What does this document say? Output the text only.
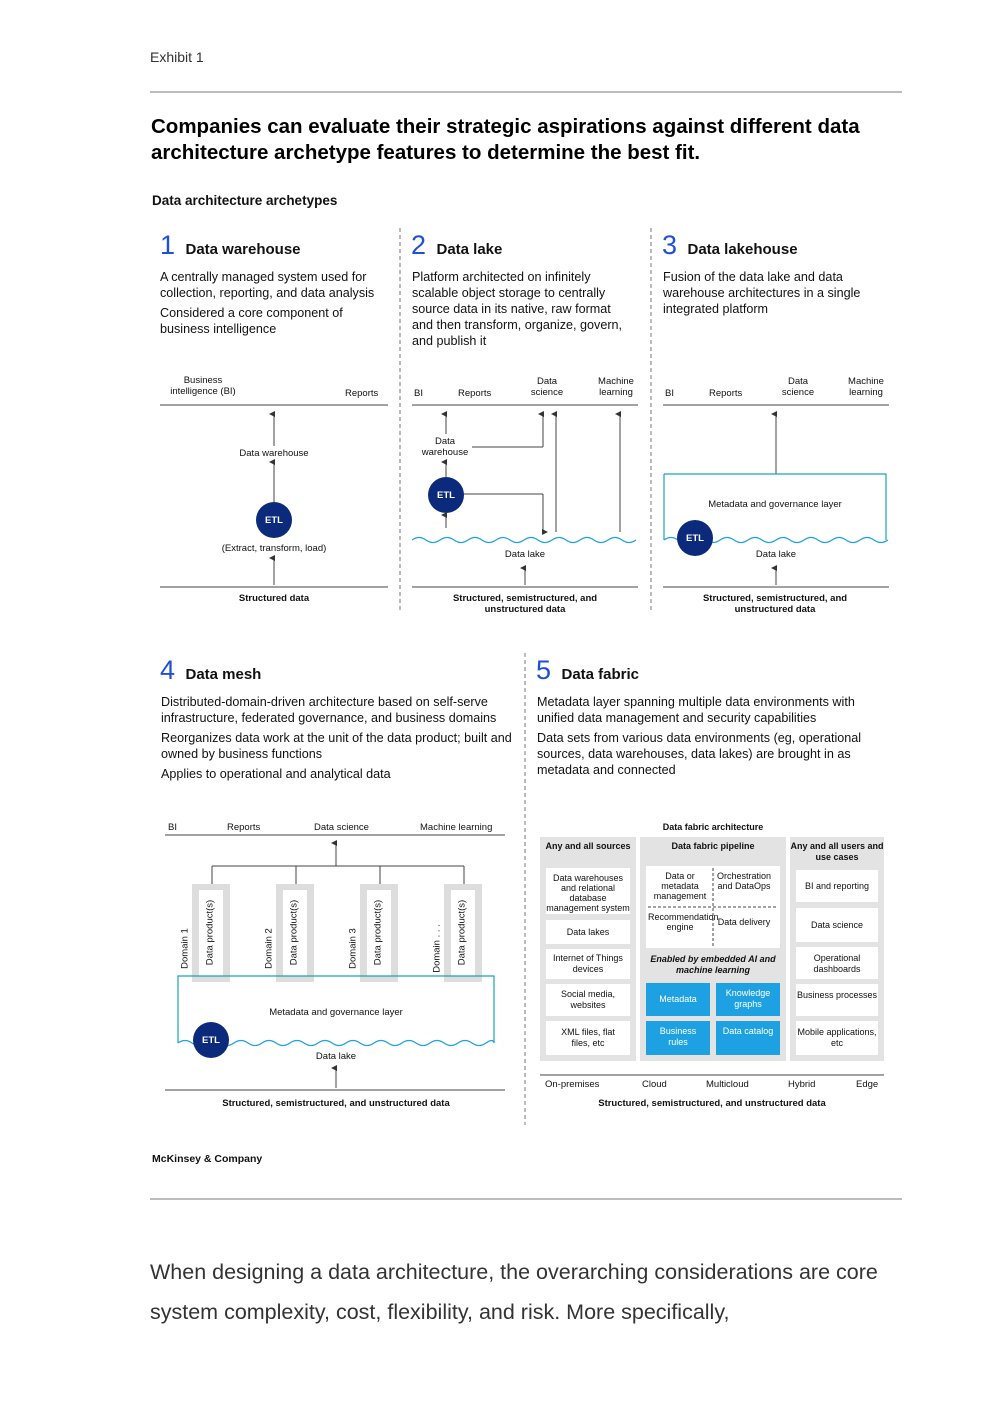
Exhibit 1
Companies can evaluate their strategic aspirations against different data architecture archetype features to determine the best fit.
Data architecture archetypes
1 Data warehouse

A centrally managed system used for collection, reporting, and data analysis

Considered a core component of business intelligence

2 Data lake

Platform architected on infinitely scalable object storage to centrally source data in its native, raw format and then transform, organize, govern, and publish it

3 Data lakehouse

Fusion of the data lake and data warehouse architectures in a single integrated platform

4 Data mesh

Distributed-domain-driven architecture based on self-serve infrastructure, federated governance, and business domains

Reorganizes data work at the unit of the data product; built and owned by business functions

Applies to operational and analytical data

5 Data fabric

Metadata layer spanning multiple data environments with unified data management and security capabilities

Data sets from various data environments (eg, operational sources, data warehouses, data lakes) are brought in as metadata and connected

Business intelligence (BI)	Reports
Data warehouse
ETL
(Extract, transform, load)
Structured data
BI	Reports
Data science
Machine learning
Data warehouse
ETL
Data lake
Structured, semistructured, and unstructured data
BI	Reports
Data science
Machine learning
Metadata and governance layer
ETL
Data lake
Structured, semistructured, and unstructured data
BI	Reports	Data science	Machine learning
Domain 1	Domain 2	Domain 3	Domain . . .
Data product(s)	Data product(s)	Data product(s)	Data product(s)
Metadata and governance layer
ETL
Data lake
Structured, semistructured, and unstructured data
Data fabric architecture
Any and all sources	Data fabric pipeline	Any and all users and use cases
Data warehouses and relational database management system
Data lakes
Internet of Things devices
Social media, websites
XML files, flat files, etc
Data or metadata management
Orchestration and DataOps
Recommendation engine	Data delivery
Enabled by embedded AI and machine learning
Metadata
Knowledge graphs
Business rules
Data catalog
BI and reporting
Data science
Operational dashboards
Business processes
Mobile applications, etc
On-premises	Cloud	Multicloud	Hybrid	Edge
Structured, semistructured, and unstructured data
McKinsey & Company
When designing a data architecture, the overarching considerations are core system complexity, cost, flexibility, and risk. More specifically,
